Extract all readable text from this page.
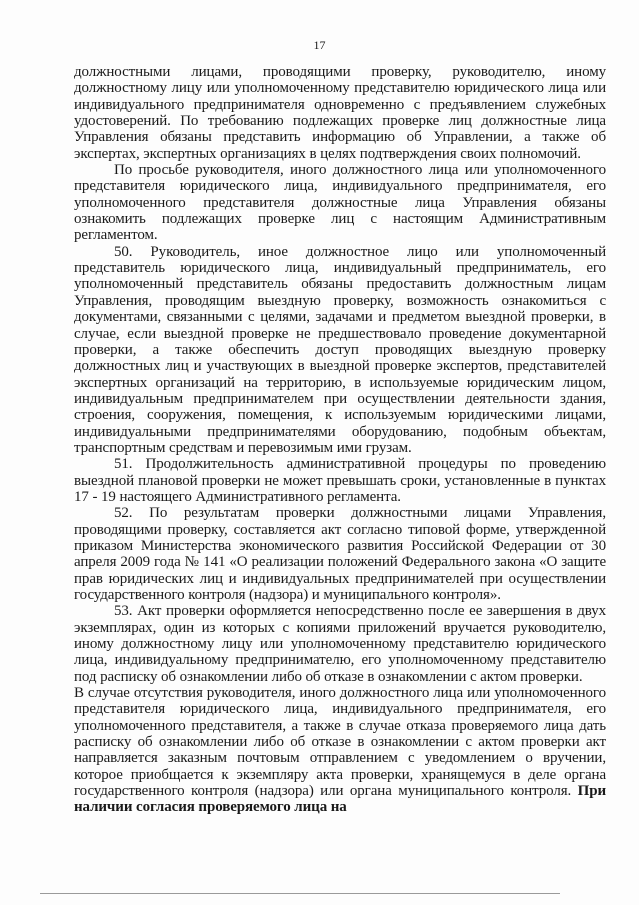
17

должностными лицами, проводящими проверку, руководителю, иному должностному лицу или уполномоченному представителю юридического лица или индивидуального предпринимателя одновременно с предъявлением служебных удостоверений. По требованию подлежащих проверке лиц должностные лица Управления обязаны представить информацию об Управлении, а также об экспертах, экспертных организациях в целях подтверждения своих полномочий.

По просьбе руководителя, иного должностного лица или уполномоченного представителя юридического лица, индивидуального предпринимателя, его уполномоченного представителя должностные лица Управления обязаны ознакомить подлежащих проверке лиц с настоящим Административным регламентом.

50. Руководитель, иное должностное лицо или уполномоченный представитель юридического лица, индивидуальный предприниматель, его уполномоченный представитель обязаны предоставить должностным лицам Управления, проводящим выездную проверку, возможность ознакомиться с документами, связанными с целями, задачами и предметом выездной проверки, в случае, если выездной проверке не предшествовало проведение документарной проверки, а также обеспечить доступ проводящих выездную проверку должностных лиц и участвующих в выездной проверке экспертов, представителей экспертных организаций на территорию, в используемые юридическим лицом, индивидуальным предпринимателем при осуществлении деятельности здания, строения, сооружения, помещения, к используемым юридическими лицами, индивидуальными предпринимателями оборудованию, подобным объектам, транспортным средствам и перевозимым ими грузам.

51. Продолжительность административной процедуры по проведению выездной плановой проверки не может превышать сроки, установленные в пунктах 17 - 19 настоящего Административного регламента.

52. По результатам проверки должностными лицами Управления, проводящими проверку, составляется акт согласно типовой форме, утвержденной приказом Министерства экономического развития Российской Федерации от 30 апреля 2009 года № 141 «О реализации положений Федерального закона «О защите прав юридических лиц и индивидуальных предпринимателей при осуществлении государственного контроля (надзора) и муниципального контроля».

53. Акт проверки оформляется непосредственно после ее завершения в двух экземплярах, один из которых с копиями приложений вручается руководителю, иному должностному лицу или уполномоченному представителю юридического лица, индивидуальному предпринимателю, его уполномоченному представителю под расписку об ознакомлении либо об отказе в ознакомлении с актом проверки.

В случае отсутствия руководителя, иного должностного лица или уполномоченного представителя юридического лица, индивидуального предпринимателя, его уполномоченного представителя, а также в случае отказа проверяемого лица дать расписку об ознакомлении либо об отказе в ознакомлении с актом проверки акт направляется заказным почтовым отправлением с уведомлением о вручении, которое приобщается к экземпляру акта проверки, хранящемуся в деле органа государственного контроля (надзора) или органа муниципального контроля. При наличии согласия проверяемого лица на
